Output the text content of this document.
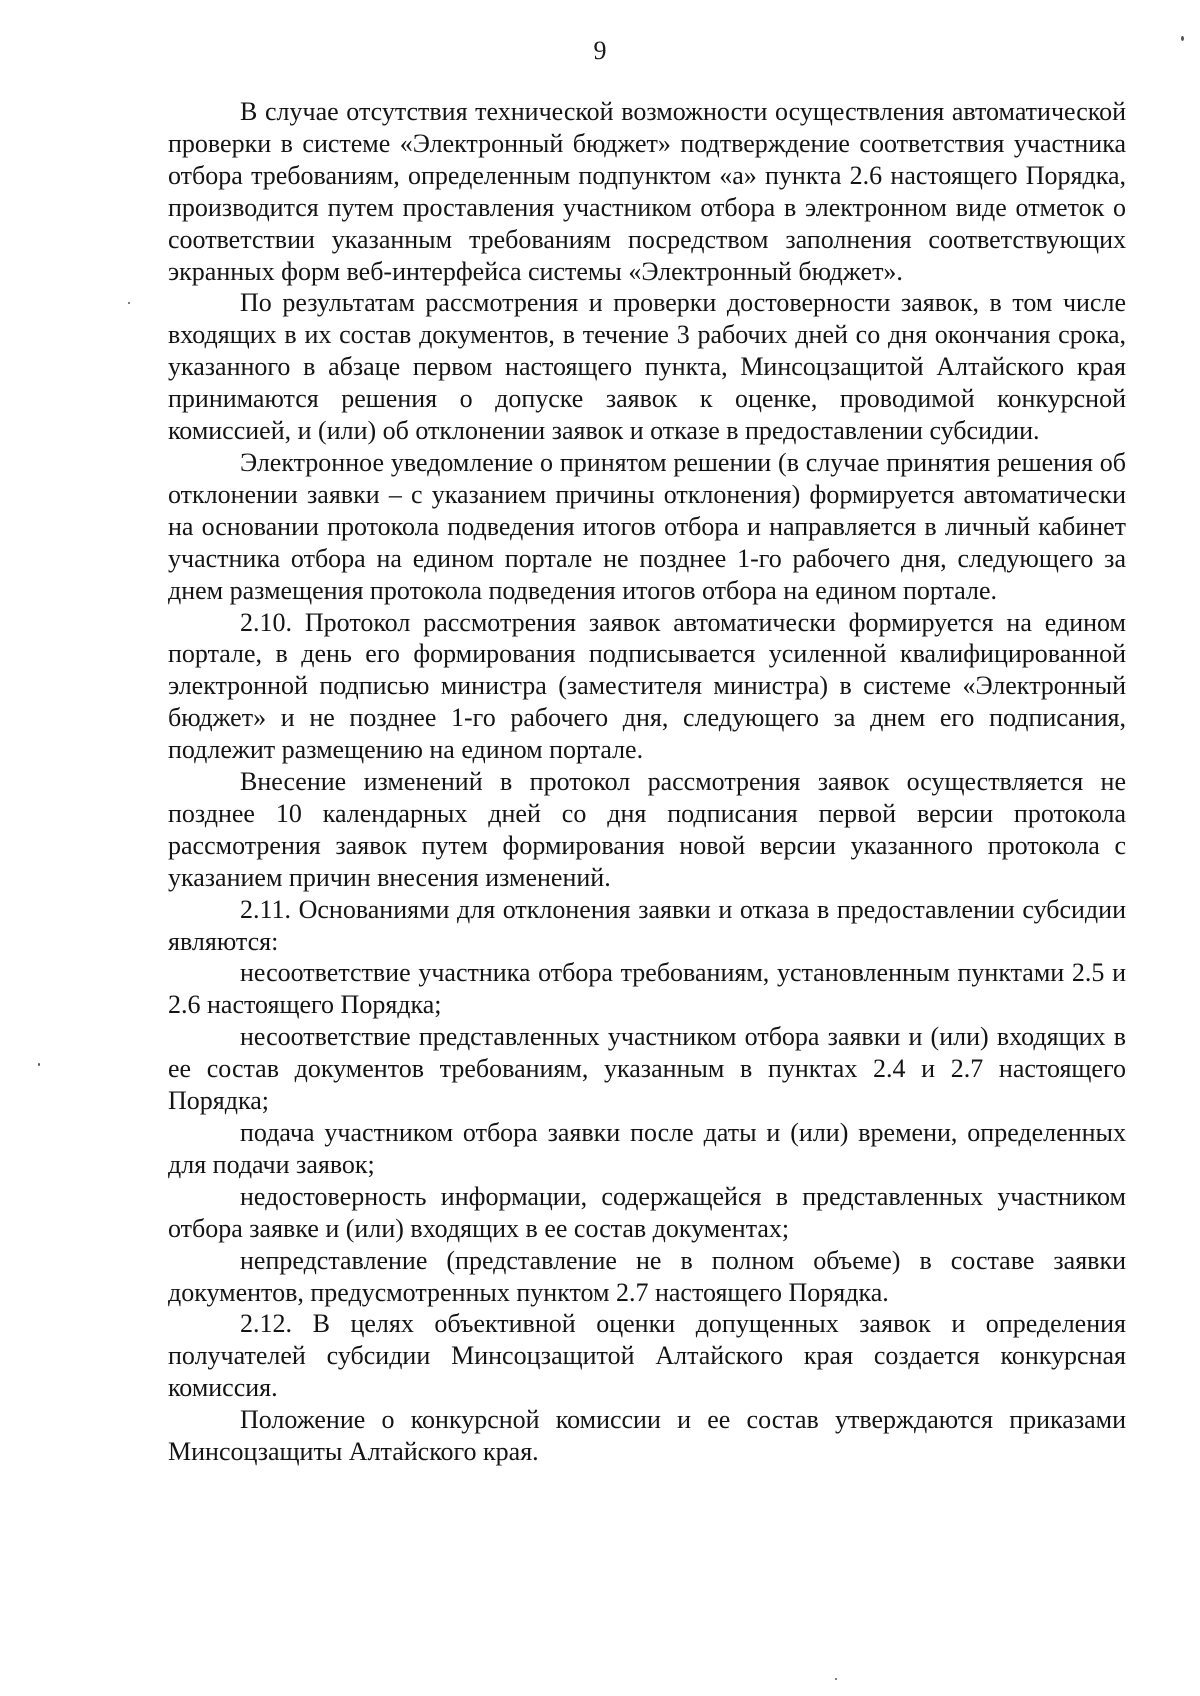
9

В случае отсутствия технической возможности осуществления автоматической проверки в системе «Электронный бюджет» подтверждение соответствия участника отбора требованиям, определенным подпунктом «а» пункта 2.6 настоящего Порядка, производится путем проставления участником отбора в электронном виде отметок о соответствии указанным требованиям посредством заполнения соответствующих экранных форм веб-интерфейса системы «Электронный бюджет».

По результатам рассмотрения и проверки достоверности заявок, в том числе входящих в их состав документов, в течение 3 рабочих дней со дня окончания срока, указанного в абзаце первом настоящего пункта, Минсоцзащитой Алтайского края принимаются решения о допуске заявок к оценке, проводимой конкурсной комиссией, и (или) об отклонении заявок и отказе в предоставлении субсидии.

Электронное уведомление о принятом решении (в случае принятия решения об отклонении заявки – с указанием причины отклонения) формируется автоматически на основании протокола подведения итогов отбора и направляется в личный кабинет участника отбора на едином портале не позднее 1-го рабочего дня, следующего за днем размещения протокола подведения итогов отбора на едином портале.

2.10. Протокол рассмотрения заявок автоматически формируется на едином портале, в день его формирования подписывается усиленной квалифицированной электронной подписью министра (заместителя министра) в системе «Электронный бюджет» и не позднее 1-го рабочего дня, следующего за днем его подписания, подлежит размещению на едином портале.

Внесение изменений в протокол рассмотрения заявок осуществляется не позднее 10 календарных дней со дня подписания первой версии протокола рассмотрения заявок путем формирования новой версии указанного протокола с указанием причин внесения изменений.

2.11. Основаниями для отклонения заявки и отказа в предоставлении субсидии являются:

несоответствие участника отбора требованиям, установленным пунктами 2.5 и 2.6 настоящего Порядка;

несоответствие представленных участником отбора заявки и (или) входящих в ее состав документов требованиям, указанным в пунктах 2.4 и 2.7 настоящего Порядка;

подача участником отбора заявки после даты и (или) времени, определенных для подачи заявок;

недостоверность информации, содержащейся в представленных участником отбора заявке и (или) входящих в ее состав документах;

непредставление (представление не в полном объеме) в составе заявки документов, предусмотренных пунктом 2.7 настоящего Порядка.

2.12. В целях объективной оценки допущенных заявок и определения получателей субсидии Минсоцзащитой Алтайского края создается конкурсная комиссия.

Положение о конкурсной комиссии и ее состав утверждаются приказами Минсоцзащиты Алтайского края.
